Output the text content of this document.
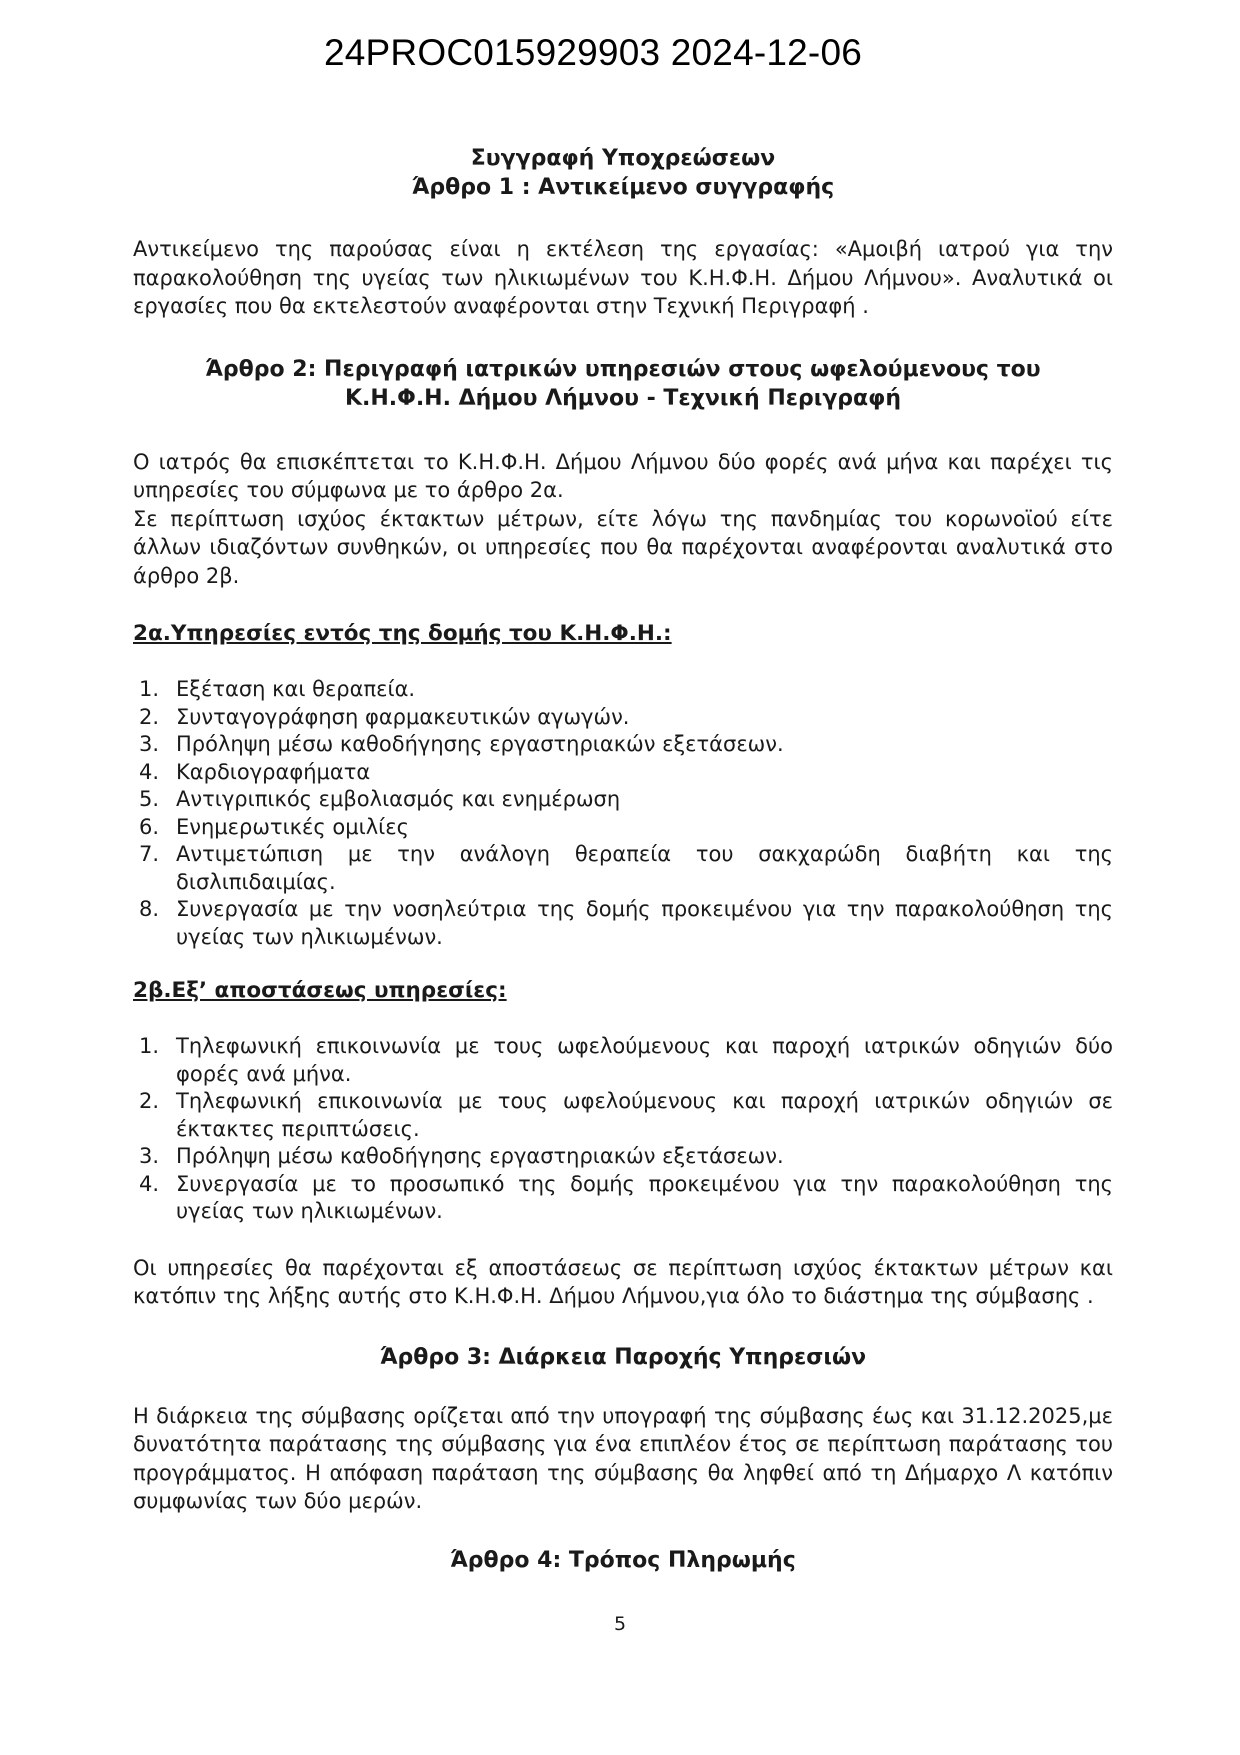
24PROC015929903 2024-12-06
Συγγραφή Υποχρεώσεων
Άρθρο 1 : Αντικείμενο συγγραφής

Αντικείμενο της παρούσας είναι η εκτέλεση της εργασίας: «Αμοιβή ιατρού για την παρακολούθηση της υγείας των ηλικιωμένων του Κ.Η.Φ.Η. Δήμου Λήμνου». Αναλυτικά οι εργασίες που θα εκτελεστούν αναφέρονται στην Τεχνική Περιγραφή .

Άρθρο 2: Περιγραφή ιατρικών υπηρεσιών στους ωφελούμενους του
Κ.Η.Φ.Η. Δήμου Λήμνου - Τεχνική Περιγραφή

Ο ιατρός θα επισκέπτεται το Κ.Η.Φ.Η. Δήμου Λήμνου δύο φορές ανά μήνα και παρέχει τις υπηρεσίες του σύμφωνα με το άρθρο 2α.

Σε περίπτωση ισχύος έκτακτων μέτρων, είτε λόγω της πανδημίας του κορωνοϊού είτε άλλων ιδιαζόντων συνθηκών, οι υπηρεσίες που θα παρέχονται αναφέρονται αναλυτικά στο άρθρο 2β.

2α.Υπηρεσίες εντός της δομής του Κ.Η.Φ.Η.:
1. Εξέταση και θεραπεία.
2. Συνταγογράφηση φαρμακευτικών αγωγών.
3. Πρόληψη μέσω καθοδήγησης εργαστηριακών εξετάσεων.
4. Καρδιογραφήματα
5. Αντιγριπικός εμβολιασμός και ενημέρωση
6. Ενημερωτικές ομιλίες
7. Αντιμετώπιση με την ανάλογη θεραπεία του σακχαρώδη διαβήτη και της δισλιπιδαιμίας.
8. Συνεργασία με την νοσηλεύτρια της δομής προκειμένου για την παρακολούθηση της υγείας των ηλικιωμένων.
2β.Εξ’ αποστάσεως υπηρεσίες:
1. Τηλεφωνική επικοινωνία με τους ωφελούμενους και παροχή ιατρικών οδηγιών δύο φορές ανά μήνα.
2. Τηλεφωνική επικοινωνία με τους ωφελούμενους και παροχή ιατρικών οδηγιών σε έκτακτες περιπτώσεις.
3. Πρόληψη μέσω καθοδήγησης εργαστηριακών εξετάσεων.
4. Συνεργασία με το προσωπικό της δομής προκειμένου για την παρακολούθηση της υγείας των ηλικιωμένων.

Οι υπηρεσίες θα παρέχονται εξ αποστάσεως σε περίπτωση ισχύος έκτακτων μέτρων και κατόπιν της λήξης αυτής στο Κ.Η.Φ.Η. Δήμου Λήμνου,για όλο το διάστημα της σύμβασης .

Άρθρο 3: Διάρκεια Παροχής Υπηρεσιών

Η διάρκεια της σύμβασης ορίζεται από την υπογραφή της σύμβασης έως και 31.12.2025,με δυνατότητα παράτασης της σύμβασης για ένα επιπλέον έτος σε περίπτωση παράτασης του προγράμματος. Η απόφαση παράταση της σύμβασης θα ληφθεί από τη Δήμαρχο Λ κατόπιν συμφωνίας των δύο μερών.

Άρθρο 4: Τρόπος Πληρωμής
5
